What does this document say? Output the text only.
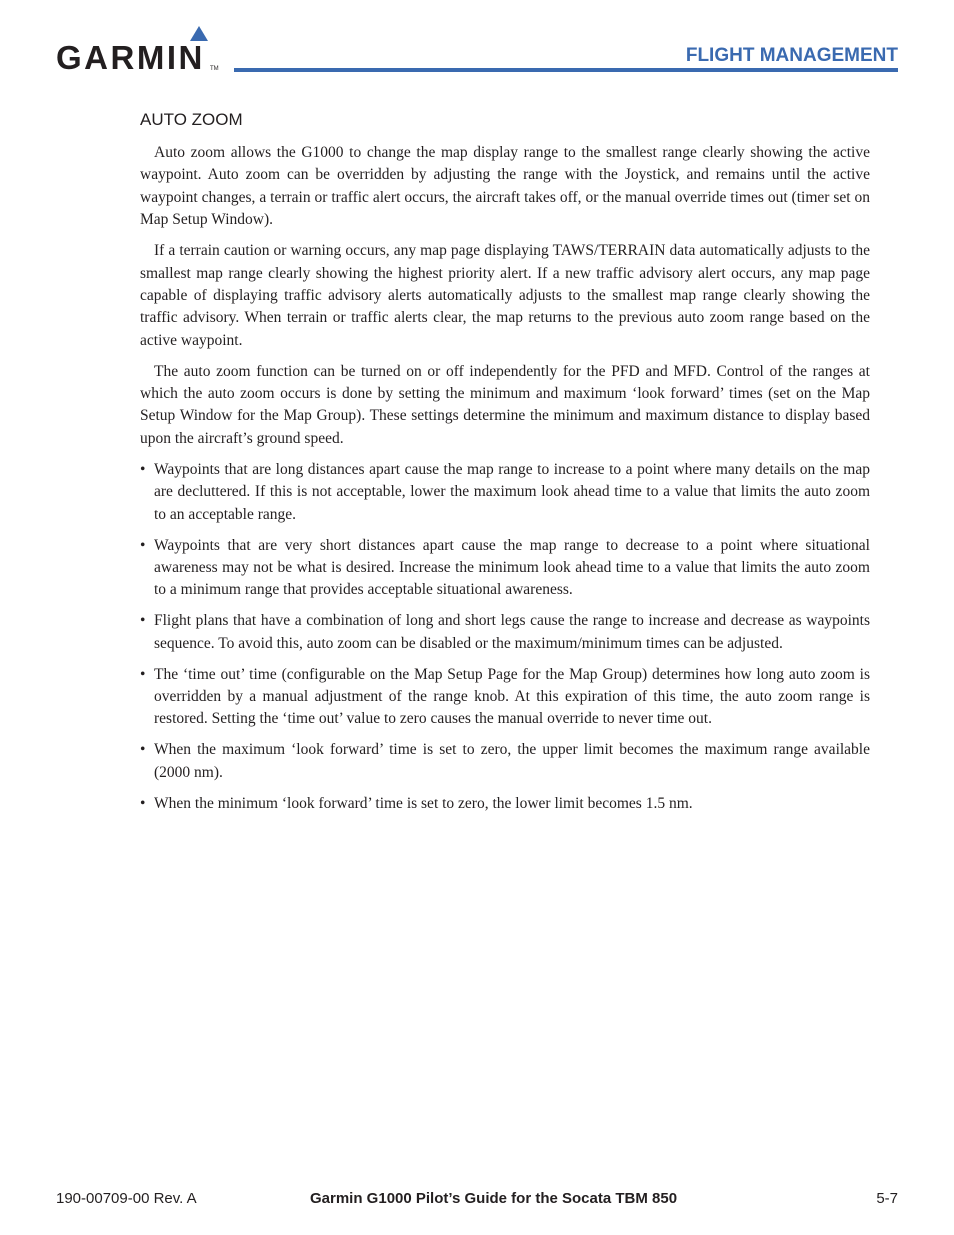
GARMIN TM
FLIGHT MANAGEMENT
AUTO ZOOM

Auto zoom allows the G1000 to change the map display range to the smallest range clearly showing the active waypoint. Auto zoom can be overridden by adjusting the range with the Joystick, and remains until the active waypoint changes, a terrain or traffic alert occurs, the aircraft takes off, or the manual override times out (timer set on Map Setup Window).

If a terrain caution or warning occurs, any map page displaying TAWS/TERRAIN data automatically adjusts to the smallest map range clearly showing the highest priority alert. If a new traffic advisory alert occurs, any map page capable of displaying traffic advisory alerts automatically adjusts to the smallest map range clearly showing the traffic advisory. When terrain or traffic alerts clear, the map returns to the previous auto zoom range based on the active waypoint.

The auto zoom function can be turned on or off independently for the PFD and MFD. Control of the ranges at which the auto zoom occurs is done by setting the minimum and maximum ‘look forward’ times (set on the Map Setup Window for the Map Group). These settings determine the minimum and maximum distance to display based upon the aircraft’s ground speed.

• Waypoints that are long distances apart cause the map range to increase to a point where many details on the map are decluttered. If this is not acceptable, lower the maximum look ahead time to a value that limits the auto zoom to an acceptable range.
• Waypoints that are very short distances apart cause the map range to decrease to a point where situational awareness may not be what is desired. Increase the minimum look ahead time to a value that limits the auto zoom to a minimum range that provides acceptable situational awareness.
• Flight plans that have a combination of long and short legs cause the range to increase and decrease as waypoints sequence. To avoid this, auto zoom can be disabled or the maximum/minimum times can be adjusted.
• The ‘time out’ time (configurable on the Map Setup Page for the Map Group) determines how long auto zoom is overridden by a manual adjustment of the range knob. At this expiration of this time, the auto zoom range is restored. Setting the ‘time out’ value to zero causes the manual override to never time out.
• When the maximum ‘look forward’ time is set to zero, the upper limit becomes the maximum range available (2000 nm).
• When the minimum ‘look forward’ time is set to zero, the lower limit becomes 1.5 nm.
190-00709-00 Rev. A	Garmin G1000 Pilot’s Guide for the Socata TBM 850	5-7
